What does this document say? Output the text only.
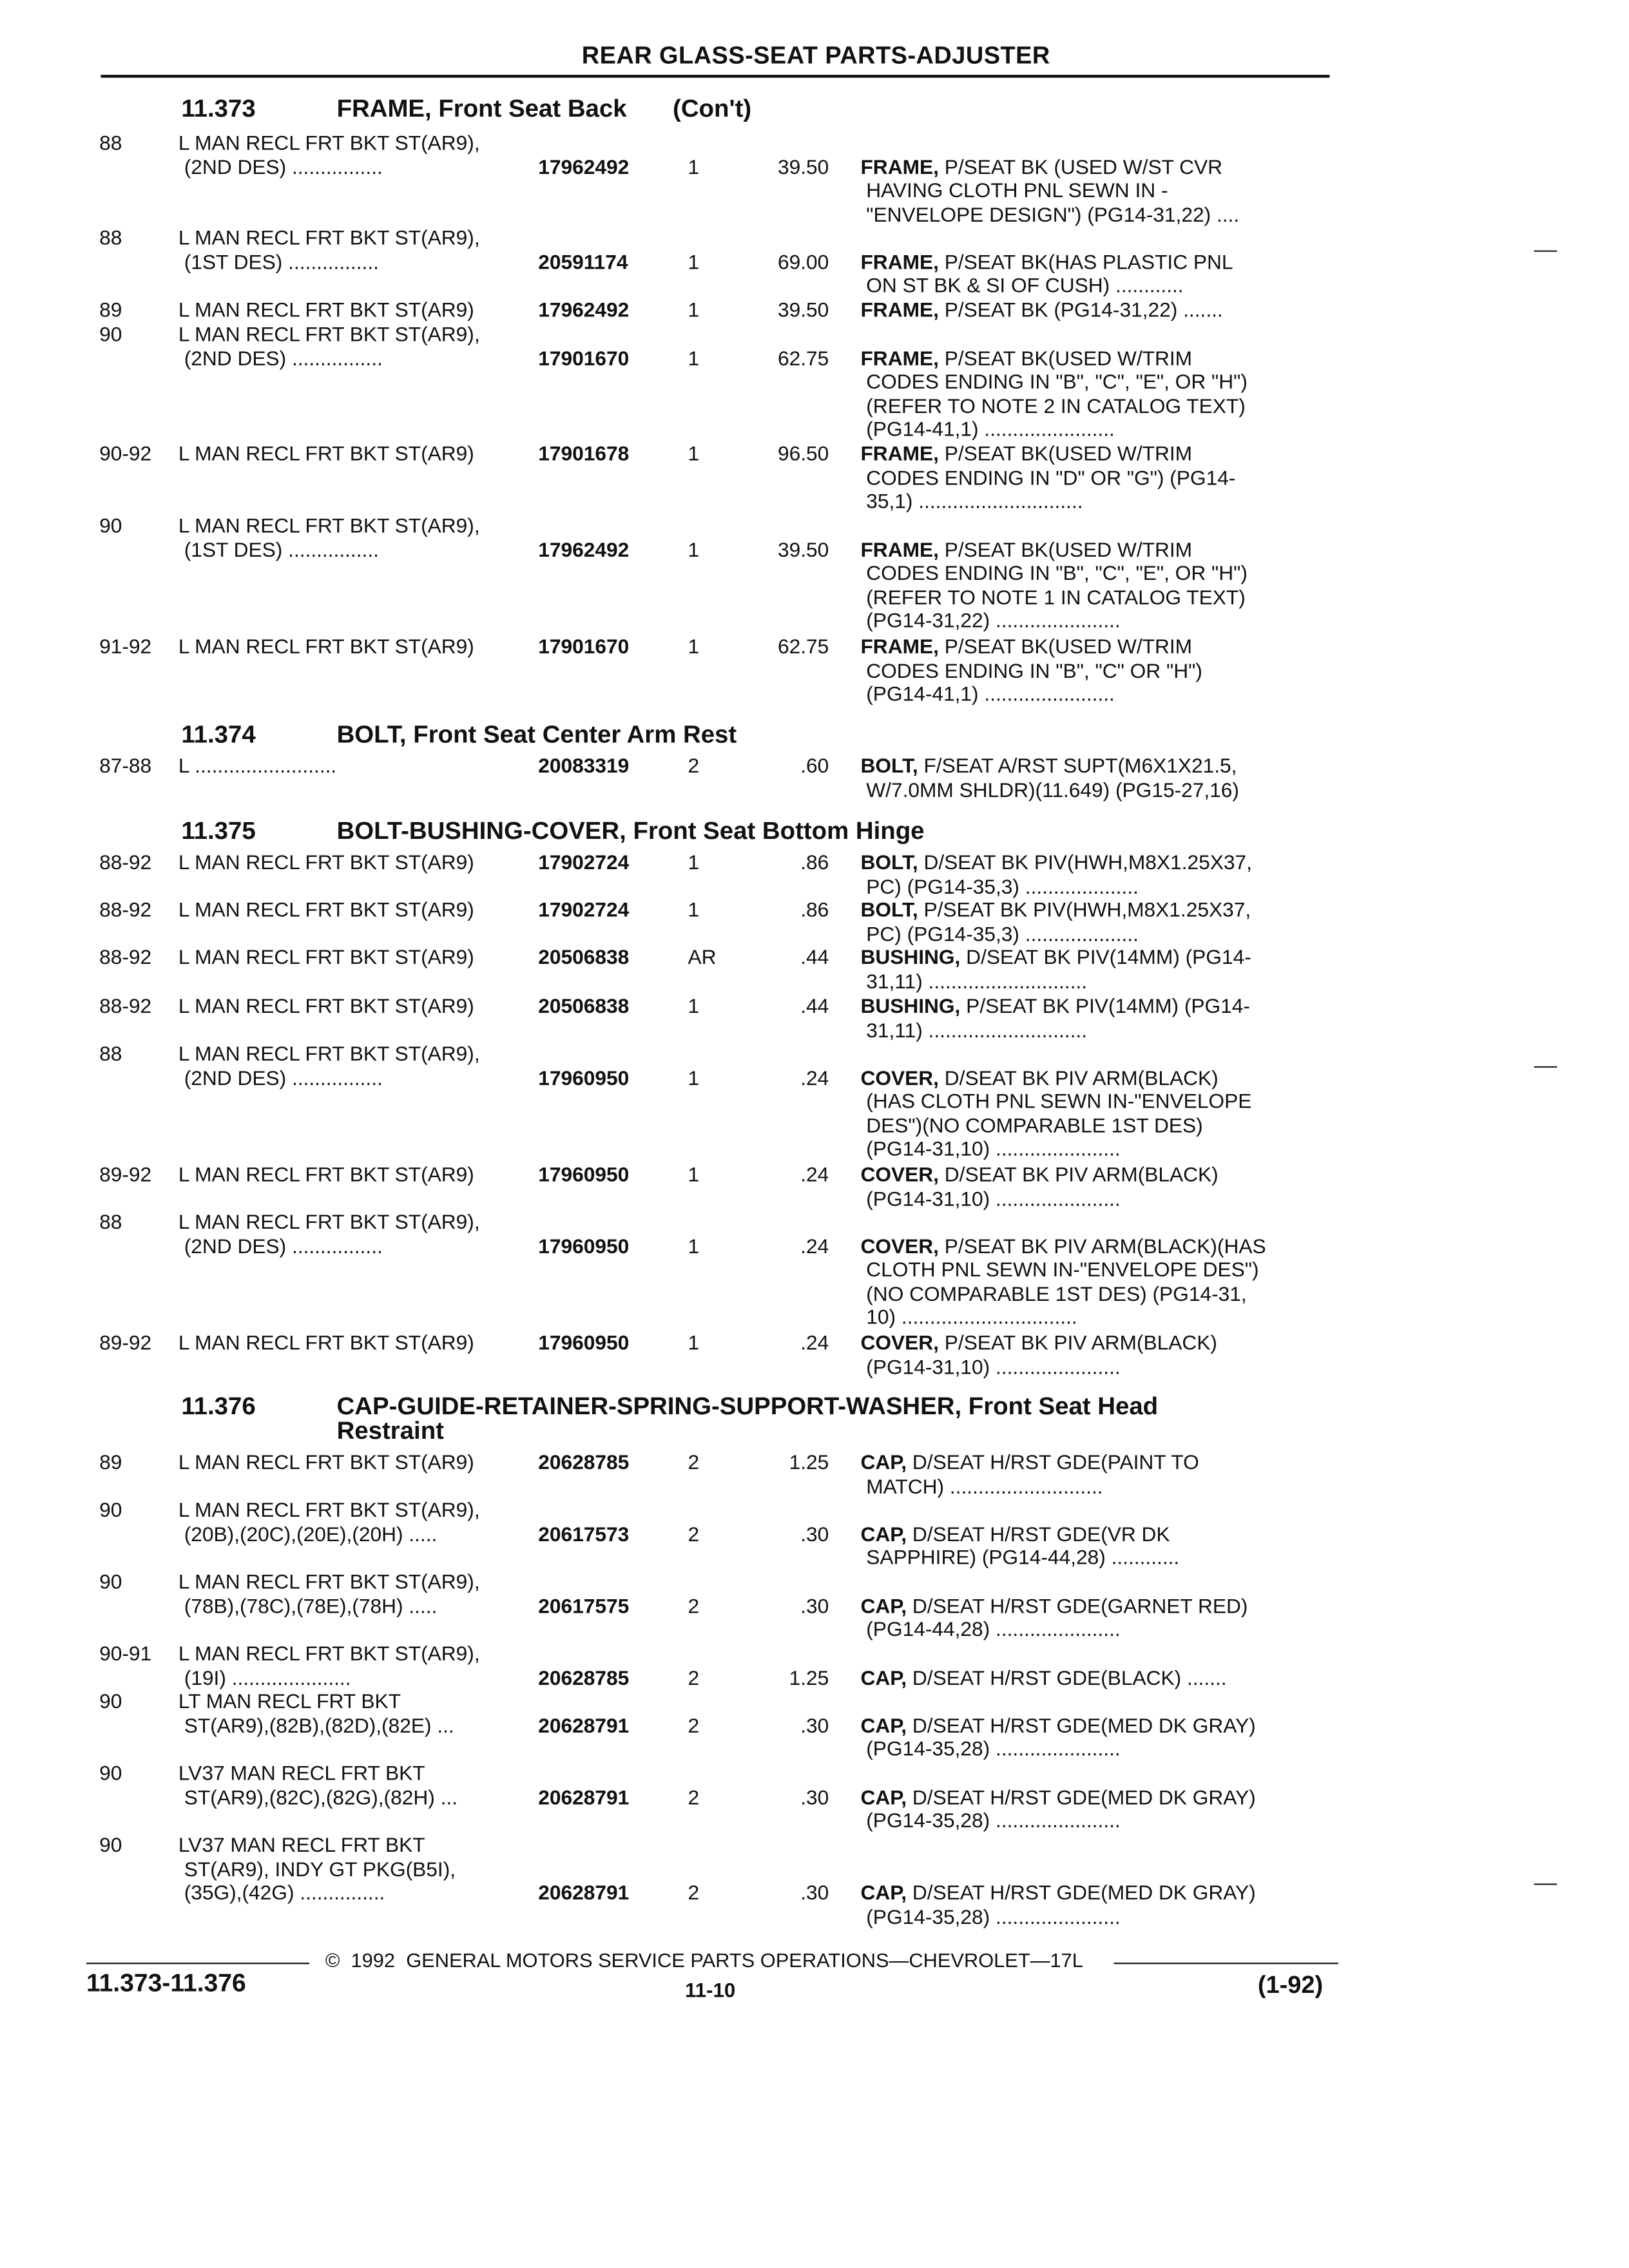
REAR GLASS-SEAT PARTS-ADJUSTER
11.373	FRAME, Front Seat Back	(Con't)
11.374	BOLT, Front Seat Center Arm Rest
11.375	BOLT-BUSHING-COVER, Front Seat Bottom Hinge
11.376	CAP-GUIDE-RETAINER-SPRING-SUPPORT-WASHER, Front Seat Head
Restraint
88	L MAN RECL FRT BKT ST(AR9),
(2ND DES) ................	17962492	1	39.50	FRAME, P/SEAT BK (USED W/ST CVR
HAVING CLOTH PNL SEWN IN -
"ENVELOPE DESIGN") (PG14-31,22) ....
88	L MAN RECL FRT BKT ST(AR9),
(1ST DES) ................	20591174	1	69.00	FRAME, P/SEAT BK(HAS PLASTIC PNL
ON ST BK & SI OF CUSH) ............
89	L MAN RECL FRT BKT ST(AR9)	17962492	1	39.50	FRAME, P/SEAT BK (PG14-31,22) .......
90	L MAN RECL FRT BKT ST(AR9),
(2ND DES) ................	17901670	1	62.75	FRAME, P/SEAT BK(USED W/TRIM
CODES ENDING IN "B", "C", "E", OR "H")
(REFER TO NOTE 2 IN CATALOG TEXT)
(PG14-41,1) .......................
90-92	L MAN RECL FRT BKT ST(AR9)	17901678	1	96.50	FRAME, P/SEAT BK(USED W/TRIM
CODES ENDING IN "D" OR "G") (PG14-
35,1) .............................
90	L MAN RECL FRT BKT ST(AR9),
(1ST DES) ................	17962492	1	39.50	FRAME, P/SEAT BK(USED W/TRIM
CODES ENDING IN "B", "C", "E", OR "H")
(REFER TO NOTE 1 IN CATALOG TEXT)
(PG14-31,22) ......................
91-92	L MAN RECL FRT BKT ST(AR9)	17901670	1	62.75	FRAME, P/SEAT BK(USED W/TRIM
CODES ENDING IN "B", "C" OR "H")
(PG14-41,1) .......................
87-88	L .........................	20083319	2	.60	BOLT, F/SEAT A/RST SUPT(M6X1X21.5,
W/7.0MM SHLDR)(11.649) (PG15-27,16)
88-92	L MAN RECL FRT BKT ST(AR9)	17902724	1	.86	BOLT, D/SEAT BK PIV(HWH,M8X1.25X37,
PC) (PG14-35,3) ....................
88-92	L MAN RECL FRT BKT ST(AR9)	17902724	1	.86	BOLT, P/SEAT BK PIV(HWH,M8X1.25X37,
PC) (PG14-35,3) ....................
88-92	L MAN RECL FRT BKT ST(AR9)	20506838	AR	.44	BUSHING, D/SEAT BK PIV(14MM) (PG14-
31,11) ............................
88-92	L MAN RECL FRT BKT ST(AR9)	20506838	1	.44	BUSHING, P/SEAT BK PIV(14MM) (PG14-
31,11) ............................
88	L MAN RECL FRT BKT ST(AR9),
(2ND DES) ................	17960950	1	.24	COVER, D/SEAT BK PIV ARM(BLACK)
(HAS CLOTH PNL SEWN IN-"ENVELOPE
DES")(NO COMPARABLE 1ST DES)
(PG14-31,10) ......................
89-92	L MAN RECL FRT BKT ST(AR9)	17960950	1	.24	COVER, D/SEAT BK PIV ARM(BLACK)
(PG14-31,10) ......................
88	L MAN RECL FRT BKT ST(AR9),
(2ND DES) ................	17960950	1	.24	COVER, P/SEAT BK PIV ARM(BLACK)(HAS
CLOTH PNL SEWN IN-"ENVELOPE DES")
(NO COMPARABLE 1ST DES) (PG14-31,
10) ...............................
89-92	L MAN RECL FRT BKT ST(AR9)	17960950	1	.24	COVER, P/SEAT BK PIV ARM(BLACK)
(PG14-31,10) ......................
89	L MAN RECL FRT BKT ST(AR9)	20628785	2	1.25	CAP, D/SEAT H/RST GDE(PAINT TO
MATCH) ...........................
90	L MAN RECL FRT BKT ST(AR9),
(20B),(20C),(20E),(20H) .....	20617573	2	.30	CAP, D/SEAT H/RST GDE(VR DK
SAPPHIRE) (PG14-44,28) ............
90	L MAN RECL FRT BKT ST(AR9),
(78B),(78C),(78E),(78H) .....	20617575	2	.30	CAP, D/SEAT H/RST GDE(GARNET RED)
(PG14-44,28) ......................
90-91	L MAN RECL FRT BKT ST(AR9),
(19I) .....................	20628785	2	1.25	CAP, D/SEAT H/RST GDE(BLACK) .......
90	LT MAN RECL FRT BKT
ST(AR9),(82B),(82D),(82E) ...	20628791	2	.30	CAP, D/SEAT H/RST GDE(MED DK GRAY)
(PG14-35,28) ......................
90	LV37 MAN RECL FRT BKT
ST(AR9),(82C),(82G),(82H) ...	20628791	2	.30	CAP, D/SEAT H/RST GDE(MED DK GRAY)
(PG14-35,28) ......................
90	LV37 MAN RECL FRT BKT
ST(AR9), INDY GT PKG(B5I),
(35G),(42G) ...............	20628791	2	.30	CAP, D/SEAT H/RST GDE(MED DK GRAY)
(PG14-35,28) ......................
©  1992  GENERAL MOTORS SERVICE PARTS OPERATIONS—CHEVROLET—17L
11.373-11.376	11-10	(1-92)
